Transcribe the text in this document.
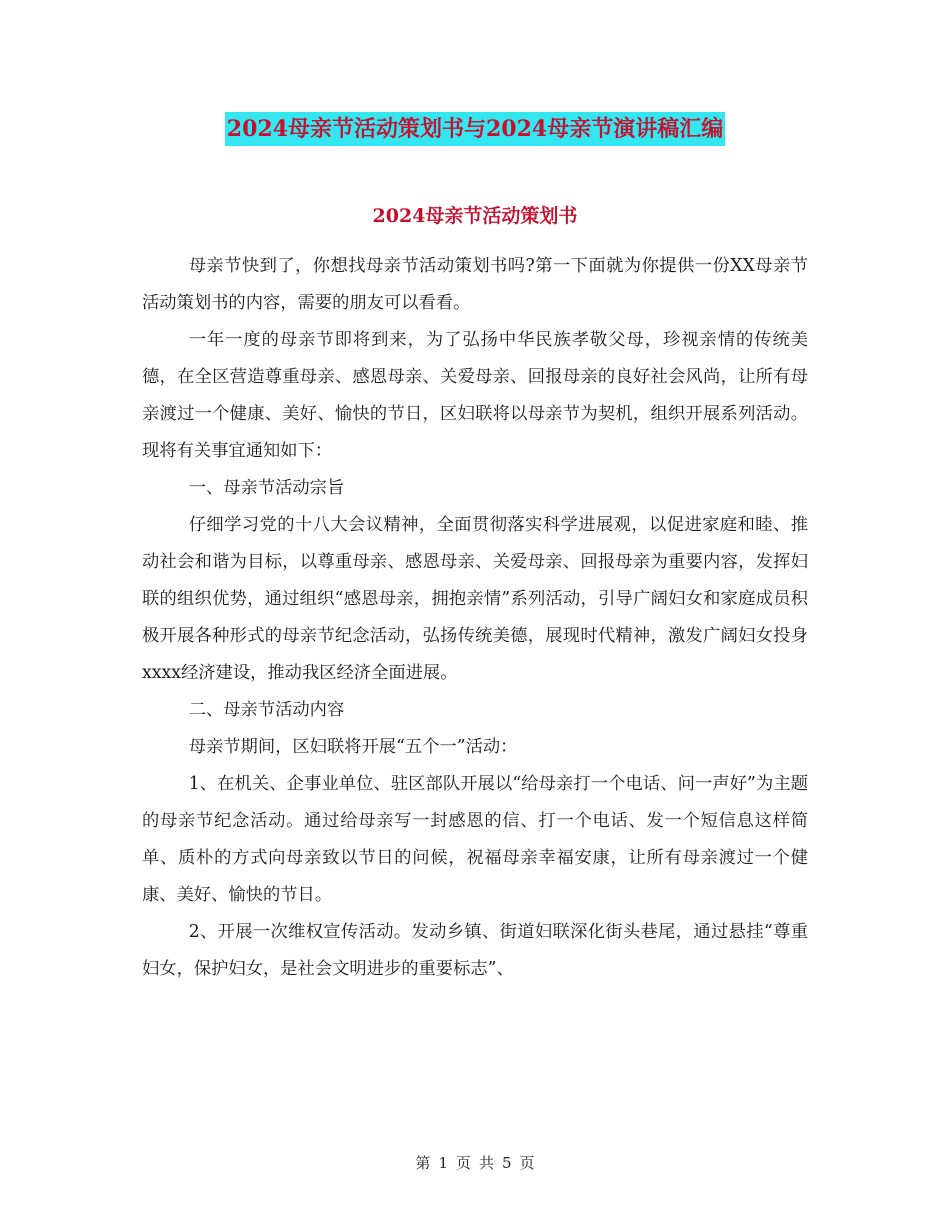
2024母亲节活动策划书与2024母亲节演讲稿汇编
2024母亲节活动策划书

母亲节快到了，你想找母亲节活动策划书吗?第一下面就为你提供一份XX母亲节活动策划书的内容，需要的朋友可以看看。

一年一度的母亲节即将到来，为了弘扬中华民族孝敬父母，珍视亲情的传统美德，在全区营造尊重母亲、感恩母亲、关爱母亲、回报母亲的良好社会风尚，让所有母亲渡过一个健康、美好、愉快的节日，区妇联将以母亲节为契机，组织开展系列活动。现将有关事宜通知如下：

一、母亲节活动宗旨

仔细学习党的十八大会议精神，全面贯彻落实科学进展观，以促进家庭和睦、推动社会和谐为目标，以尊重母亲、感恩母亲、关爱母亲、回报母亲为重要内容，发挥妇联的组织优势，通过组织“感恩母亲，拥抱亲情”系列活动，引导广阔妇女和家庭成员积极开展各种形式的母亲节纪念活动，弘扬传统美德，展现时代精神，激发广阔妇女投身xxxx经济建设，推动我区经济全面进展。

二、母亲节活动内容

母亲节期间，区妇联将开展“五个一”活动：

1、在机关、企事业单位、驻区部队开展以“给母亲打一个电话、问一声好”为主题的母亲节纪念活动。通过给母亲写一封感恩的信、打一个电话、发一个短信息这样简单、质朴的方式向母亲致以节日的问候，祝福母亲幸福安康，让所有母亲渡过一个健康、美好、愉快的节日。

2、开展一次维权宣传活动。发动乡镇、街道妇联深化街头巷尾，通过悬挂“尊重妇女，保护妇女，是社会文明进步的重要标志”、

第 1 页 共 5 页
